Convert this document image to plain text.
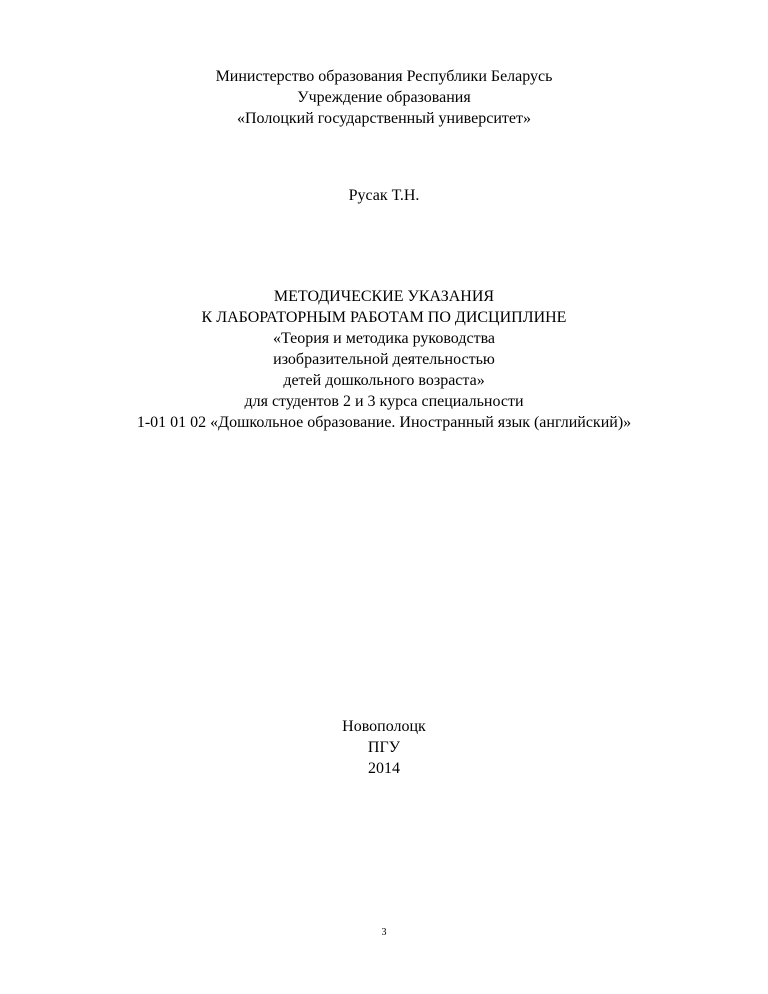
Министерство образования Республики Беларусь
Учреждение образования
«Полоцкий государственный университет»
Русак Т.Н.
МЕТОДИЧЕСКИЕ УКАЗАНИЯ
К ЛАБОРАТОРНЫМ РАБОТАМ ПО ДИСЦИПЛИНЕ
«Теория и методика руководства
изобразительной деятельностью
детей дошкольного возраста»
для студентов 2 и 3 курса специальности
1-01 01 02 «Дошкольное образование. Иностранный язык (английский)»
Новополоцк
ПГУ
2014
3
